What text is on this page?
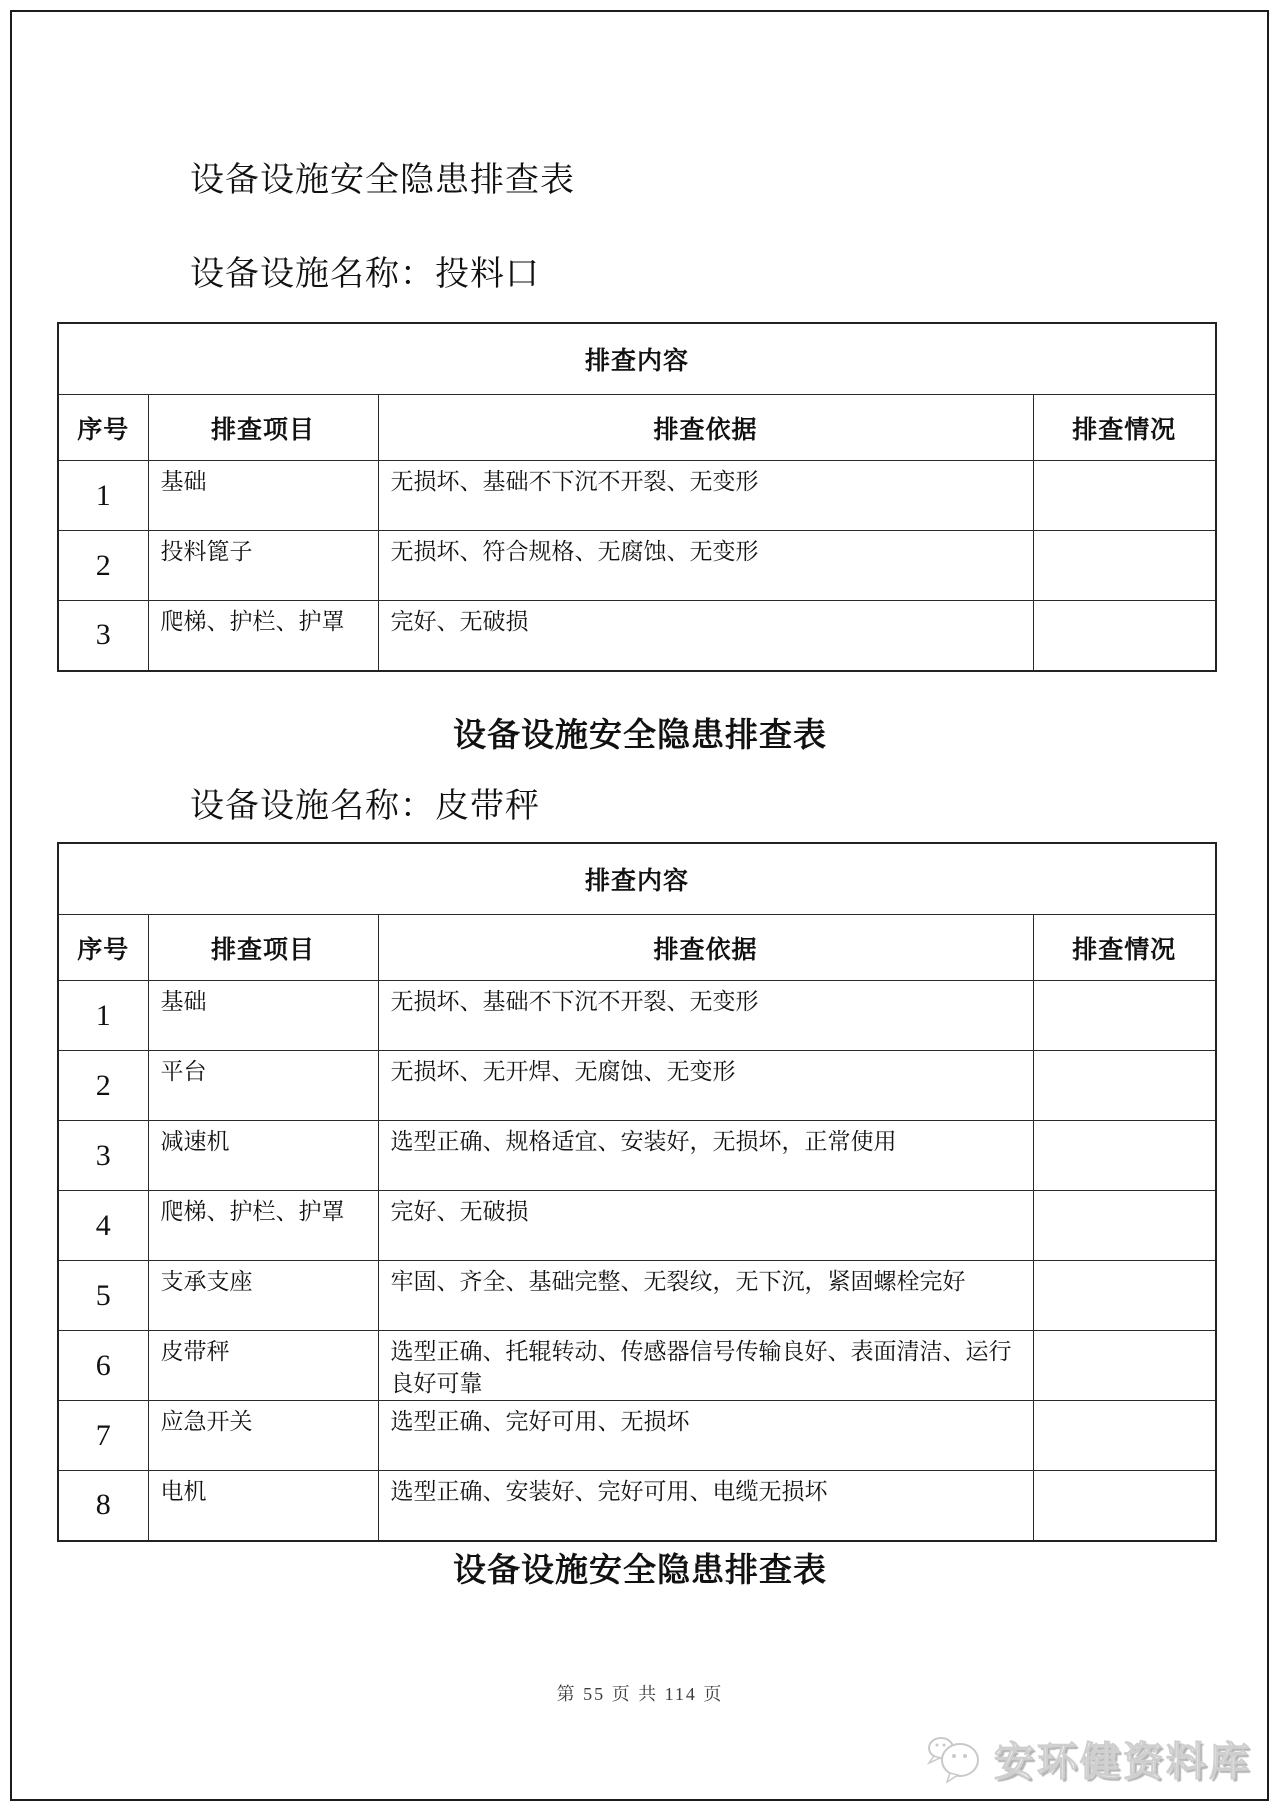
设备设施安全隐患排查表
设备设施名称：投料口
排查内容			
序号	排查项目	排查依据	排查情况
1	基础	无损坏、基础不下沉不开裂、无变形	
2	投料篦子	无损坏、符合规格、无腐蚀、无变形	
3	爬梯、护栏、护罩	完好、无破损	
设备设施安全隐患排查表
设备设施名称：皮带秤
排查内容			
序号	排查项目	排查依据	排查情况
1	基础	无损坏、基础不下沉不开裂、无变形	
2	平台	无损坏、无开焊、无腐蚀、无变形	
3	减速机	选型正确、规格适宜、安装好，无损坏，正常使用	
4	爬梯、护栏、护罩	完好、无破损	
5	支承支座	牢固、齐全、基础完整、无裂纹，无下沉，紧固螺栓完好	
6	皮带秤	选型正确、托辊转动、传感器信号传输良好、表面清洁、运行良好可靠	
7	应急开关	选型正确、完好可用、无损坏	
8	电机	选型正确、安装好、完好可用、电缆无损坏	
设备设施安全隐患排查表
第 55 页 共 114 页
安环健资料库
